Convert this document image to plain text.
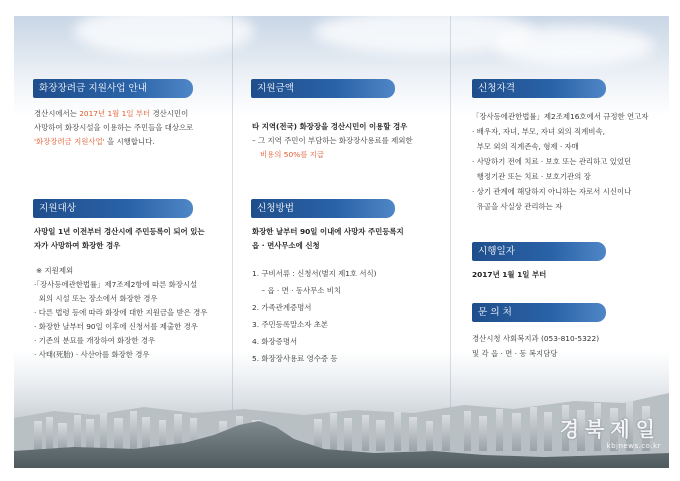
화장장려금 지원사업 안내
경산시에서는 2017년 1월 1일 부터 경산시민이
사망하여 화장시설을 이용하는 주민들을 대상으로
'화장장려금 지원사업' 을 시행합니다.
지원대상
사망일 1년 이전부터 경산시에 주민등록이 되어 있는
자가 사망하여 화장한 경우
※ 지원제외
·「장사등에관한법률」제7조제2항에 따른 화장시설
외의 시설 또는 장소에서 화장한 경우
· 다른 법령 등에 따라 화장에 대한 지원금을 받은 경우
· 화장한 날부터 90일 이후에 신청서를 제출한 경우
· 기존의 분묘를 개장하여 화장한 경우
· 사태(死胎) · 사산아를 화장한 경우
지원금액
타 지역(전국) 화장장을 경산시민이 이용할 경우
– 그 지역 주민이 부담하는 화장장사용료를 제외한
비용의 50%를 지급
신청방법
화장한 날부터 90일 이내에 사망자 주민등록지
읍 · 면사무소에 신청
1. 구비서류 : 신청서(별지 제1호 서식)
– 읍 · 면 · 동사무소 비치
2. 가족관계증명서
3. 주민등록말소자 초본
4. 화장증명서
5. 화장장사용료 영수증 등
신청자격
「장사등에관한법률」제2조제16호에서 규정한 연고자
· 배우자, 자녀, 부모, 자녀 외의 직계비속,
부모 외의 직계존속, 형제 · 자매
· 사망하기 전에 치료 · 보호 또는 관리하고 있었던
행정기관 또는 치료 · 보호기관의 장
· 상기 관계에 해당하지 아니하는 자로서 시신이나
유골을 사실상 관리하는 자
시행일자
2017년 1월 1일 부터
문 의 처
경산시청 사회복지과 (053-810-5322)
및 각 읍 · 면 · 동 복지담당
경북제일
kbjnews.co.kr
